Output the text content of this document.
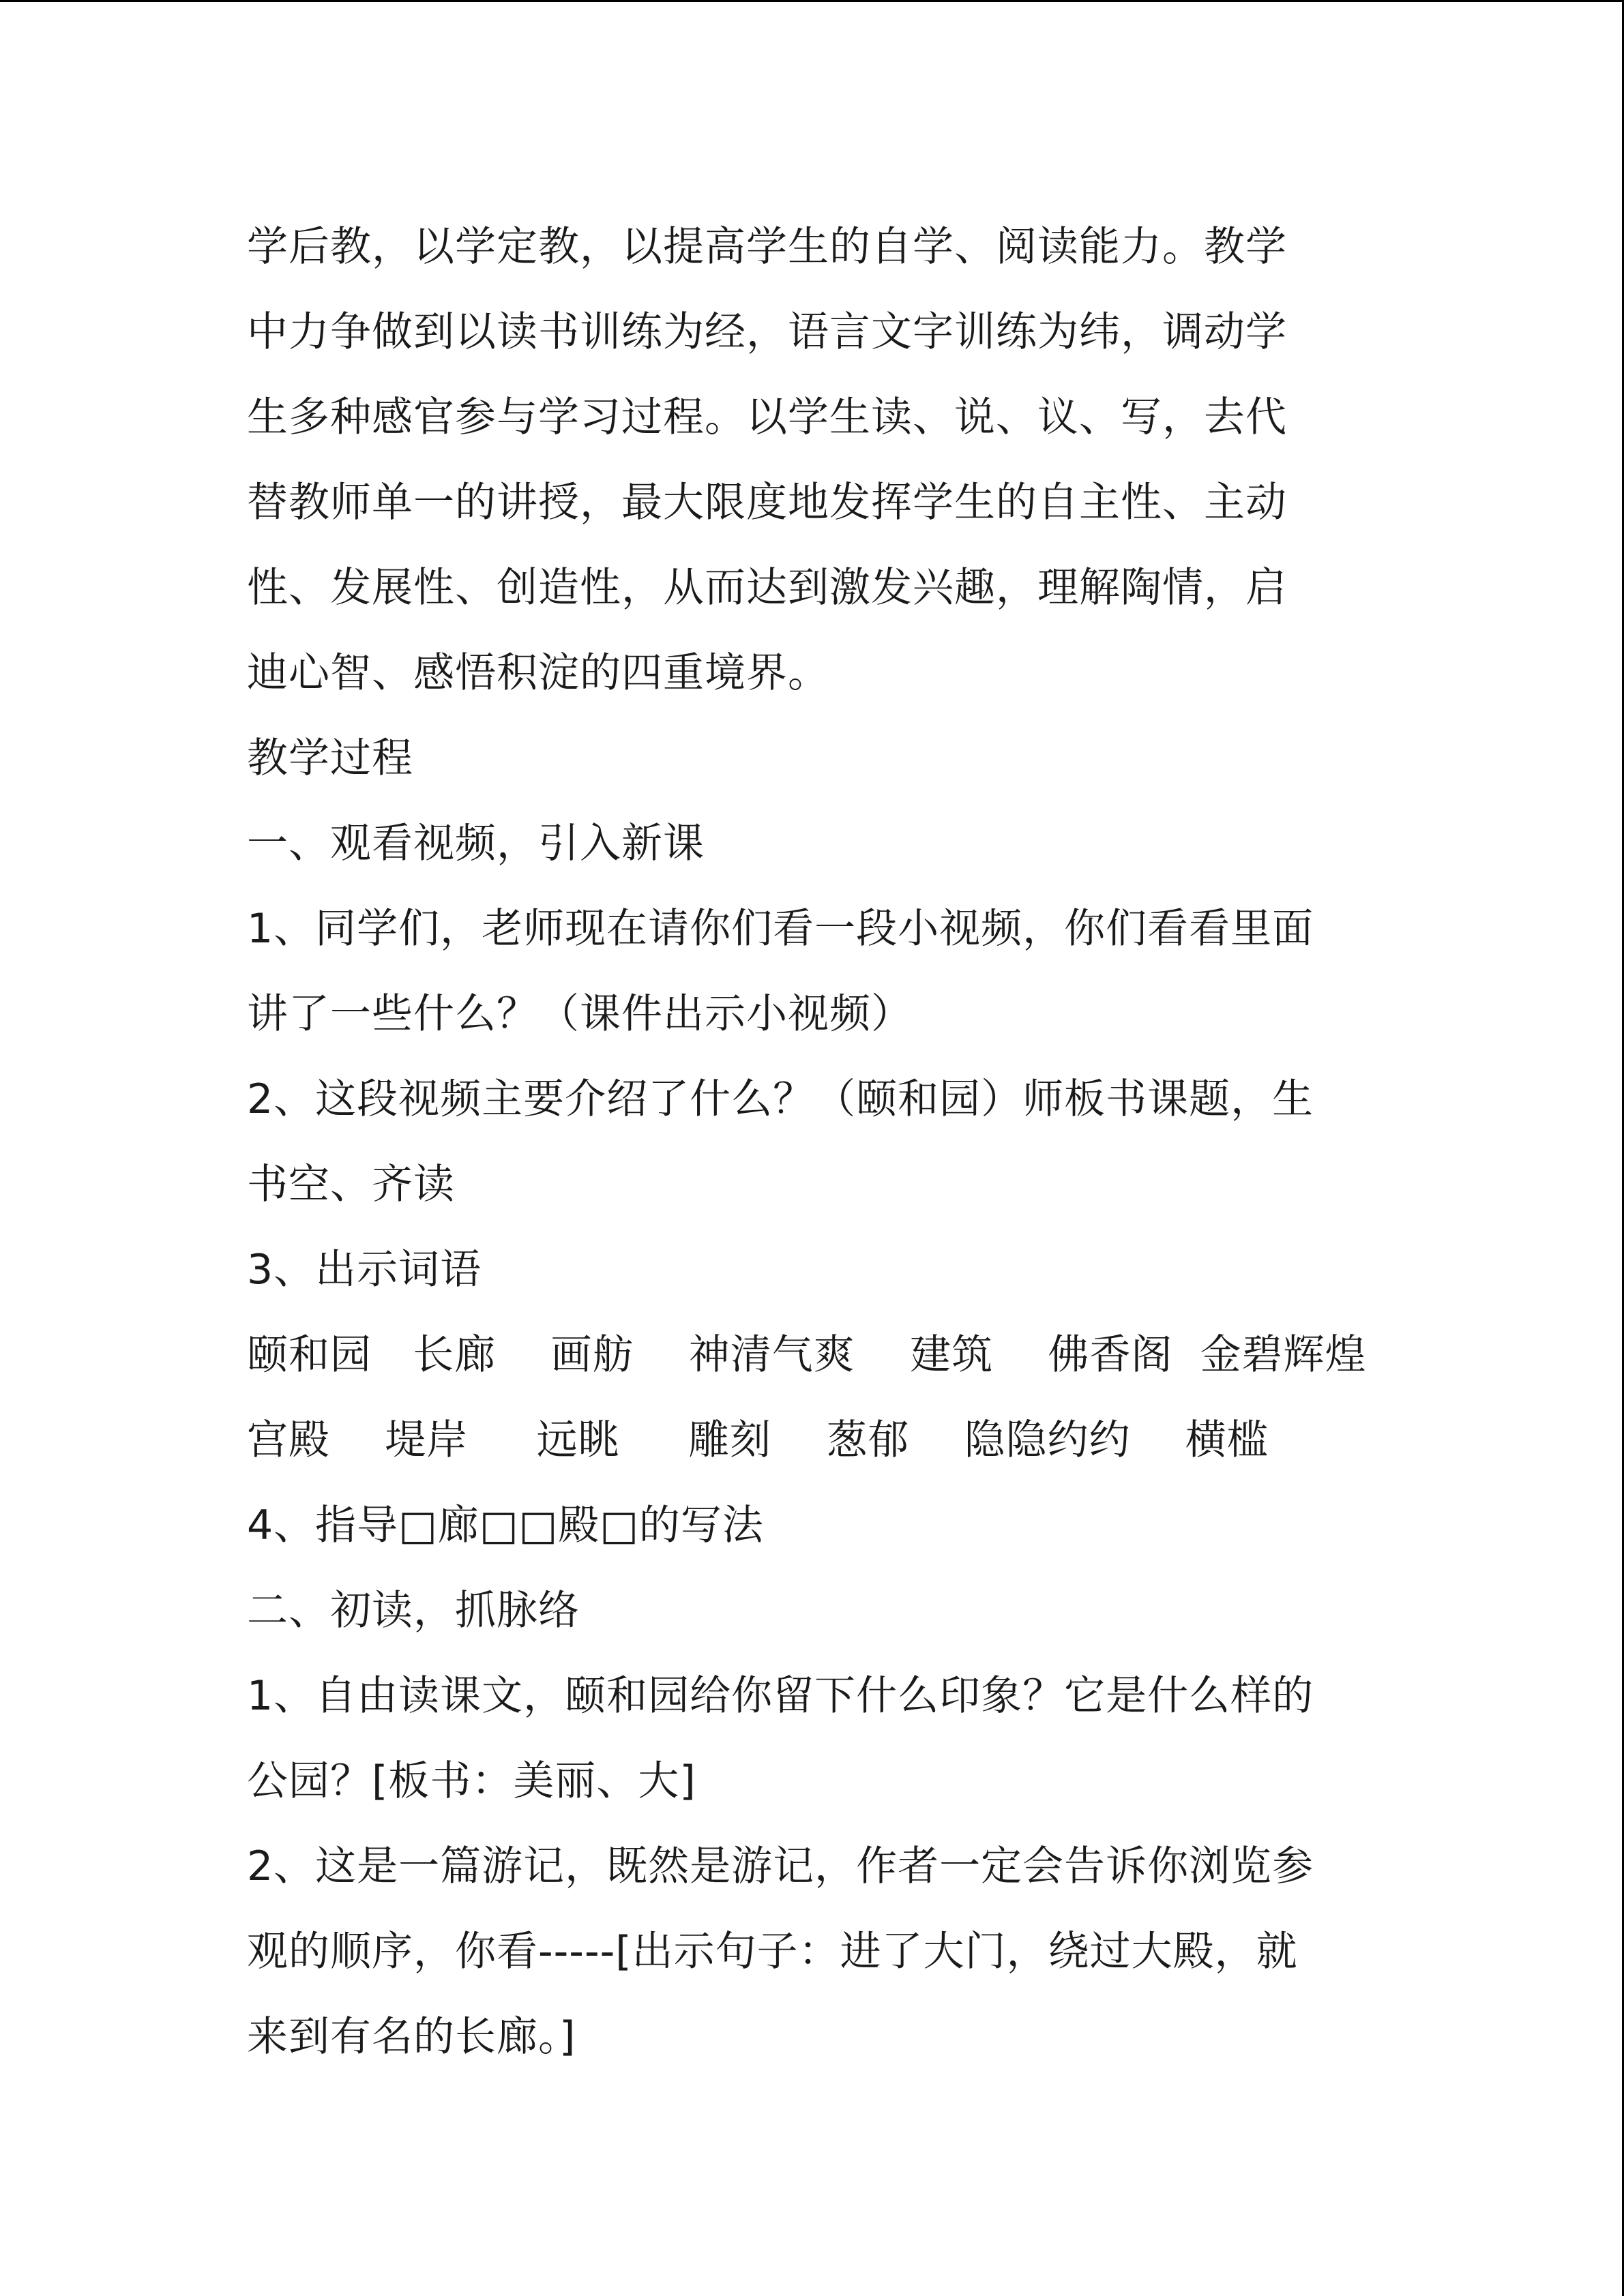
学后教，以学定教，以提高学生的自学、阅读能力。教学
中力争做到以读书训练为经，语言文字训练为纬，调动学
生多种感官参与学习过程。以学生读、说、议、写，去代
替教师单一的讲授，最大限度地发挥学生的自主性、主动
性、发展性、创造性，从而达到激发兴趣，理解陶情，启
迪心智、感悟积淀的四重境界。
教学过程
一、观看视频，引入新课
1、同学们，老师现在请你们看一段小视频，你们看看里面
讲了一些什么？（课件出示小视频）
2、这段视频主要介绍了什么？（颐和园）师板书课题，生
书空、齐读
3、出示词语
颐和园   长廊    画舫    神清气爽    建筑    佛香阁  金碧辉煌
宫殿    堤岸     远眺     雕刻    葱郁    隐隐约约    横槛
4、指导□廊□□殿□的写法
二、初读，抓脉络
1、自由读课文，颐和园给你留下什么印象？它是什么样的
公园？[板书：美丽、大]
2、这是一篇游记，既然是游记，作者一定会告诉你浏览参
观的顺序，你看-----[出示句子：进了大门，绕过大殿，就
来到有名的长廊。]
